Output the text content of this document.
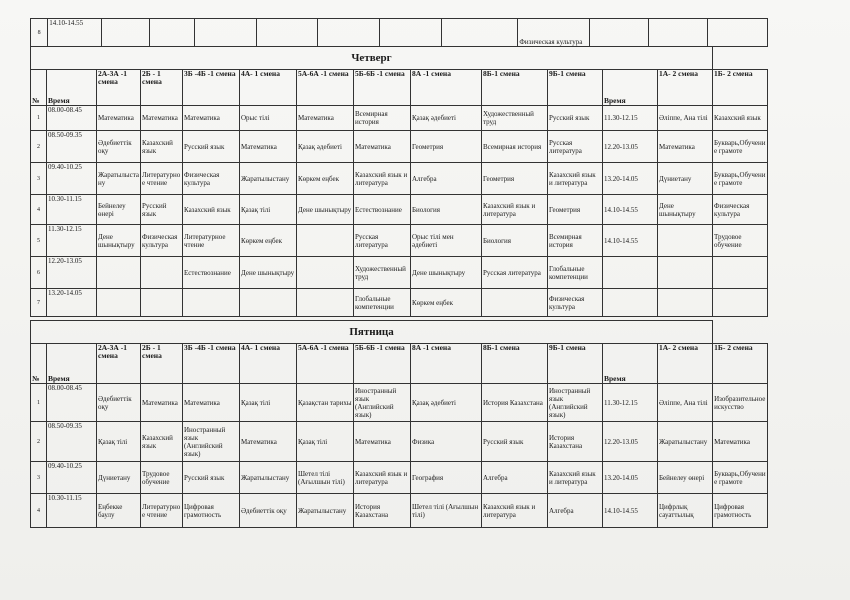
8	14.10-14.55								Физическая культура			
Четверг													
№	Время	2А-3А -1 смена	2Б - 1 смена	3Б -4Б -1 смена	4А- 1 смена	5А-6А -1 смена	5Б-6Б -1 смена	8А -1 смена	8Б-1 смена	9Б-1 смена	Время	1А- 2 смена	1Б- 2 смена
1	08.00-08.45	Математика	Математика	Математика	Орыс тілі	Математика	Всемирная история	Қазақ әдебиеті	Художественный труд	Русский язык	11.30-12.15	Әліппе, Ана тілі	Казахский язык
2	08.50-09.35	Әдебиеттік оқу	Казахский язык	Русский язык	Математика	Қазақ әдебиеті	Математика	Геометрия	Всемирная история	Русская литература	12.20-13.05	Математика	Букварь,Обучение грамоте
3	09.40-10.25	Жаратылыстану	Литературное чтение	Физическая культура	Жаратылыстану	Көркем еңбек	Казахский язык и литература	Алгебра	Геометрия	Казахский язык и литература	13.20-14.05	Дүниетану	Букварь,Обучение грамоте
4	10.30-11.15	Бейнелеу өнері	Русский язык	Казахский язык	Қазақ тілі	Дене шынықтыру	Естествознание	Биология	Казахский язык и литература	Геометрия	14.10-14.55	Дене шынықтыру	Физическая культура
5	11.30-12.15	Дене шынықтыру	Физическая культура	Литературное чтение	Көркем еңбек		Русская литература	Орыс тілі мен әдебиеті	Биология	Всемирная история	14.10-14.55		Трудовое обучение
6	12.20-13.05			Естествознание	Дене шынықтыру		Художественный труд	Дене шынықтыру	Русская литература	Глобальные компетенции			
7	13.20-14.05						Глобальные компетенции	Көркем еңбек		Физическая культура			
Пятница													
№	Время	2А-3А -1 смена	2Б - 1 смена	3Б -4Б -1 смена	4А- 1 смена	5А-6А -1 смена	5Б-6Б -1 смена	8А -1 смена	8Б-1 смена	9Б-1 смена	Время	1А- 2 смена	1Б- 2 смена
1	08.00-08.45	Әдебиеттік оқу	Математика	Математика	Қазақ тілі	Қазақстан тарихы	Иностранный язык (Английский язык)	Қазақ әдебиеті	История Казахстана	Иностранный язык (Английский язык)	11.30-12.15	Әліппе, Ана тілі	Изобразительное искусство
2	08.50-09.35	Қазақ тілі	Казахский язык	Иностранный язык (Английский язык)	Математика	Қазақ тілі	Математика	Физика	Русский язык	История Казахстана	12.20-13.05	Жаратылыстану	Математика
3	09.40-10.25	Дүниетану	Трудовое обучение	Русский язык	Жаратылыстану	Шетел тілі (Ағылшын тілі)	Казахский язык и литература	География	Алгебра	Казахский язык и литература	13.20-14.05	Бейнелеу өнері	Букварь,Обучение грамоте
4	10.30-11.15	Еңбекке баулу	Литературное чтение	Цифровая грамотность	Әдебиеттік оқу	Жаратылыстану	История Казахстана	Шетел тілі (Ағылшын тілі)	Казахский язык и литература	Алгебра	14.10-14.55	Цифрлық сауаттылық	Цифровая грамотность
